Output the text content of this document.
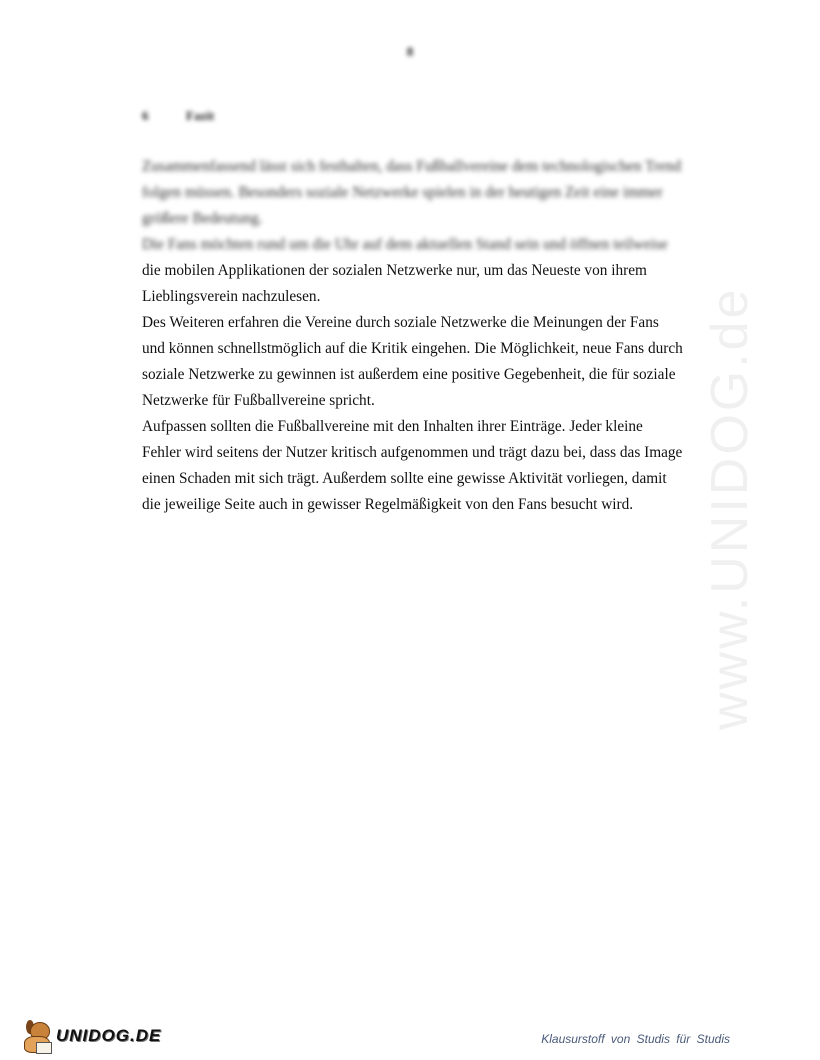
8
6	Fazit
Zusammenfassend lässt sich festhalten, dass Fußballvereine dem technologischen Trend
folgen müssen. Besonders soziale Netzwerke spielen in der heutigen Zeit eine immer
größere Bedeutung.
Die Fans möchten rund um die Uhr auf dem aktuellen Stand sein und öffnen teilweise
die mobilen Applikationen der sozialen Netzwerke nur, um das Neueste von ihrem
Lieblingsverein nachzulesen.
Des Weiteren erfahren die Vereine durch soziale Netzwerke die Meinungen der Fans
und können schnellstmöglich auf die Kritik eingehen. Die Möglichkeit, neue Fans durch
soziale Netzwerke zu gewinnen ist außerdem eine positive Gegebenheit, die für soziale
Netzwerke für Fußballvereine spricht.
Aufpassen sollten die Fußballvereine mit den Inhalten ihrer Einträge. Jeder kleine
Fehler wird seitens der Nutzer kritisch aufgenommen und trägt dazu bei, dass das Image
einen Schaden mit sich trägt. Außerdem sollte eine gewisse Aktivität vorliegen, damit
die jeweilige Seite auch in gewisser Regelmäßigkeit von den Fans besucht wird.	www.UNIDOG.de
UNIDOG.DE	Klausurstoff von Studis für Studis
